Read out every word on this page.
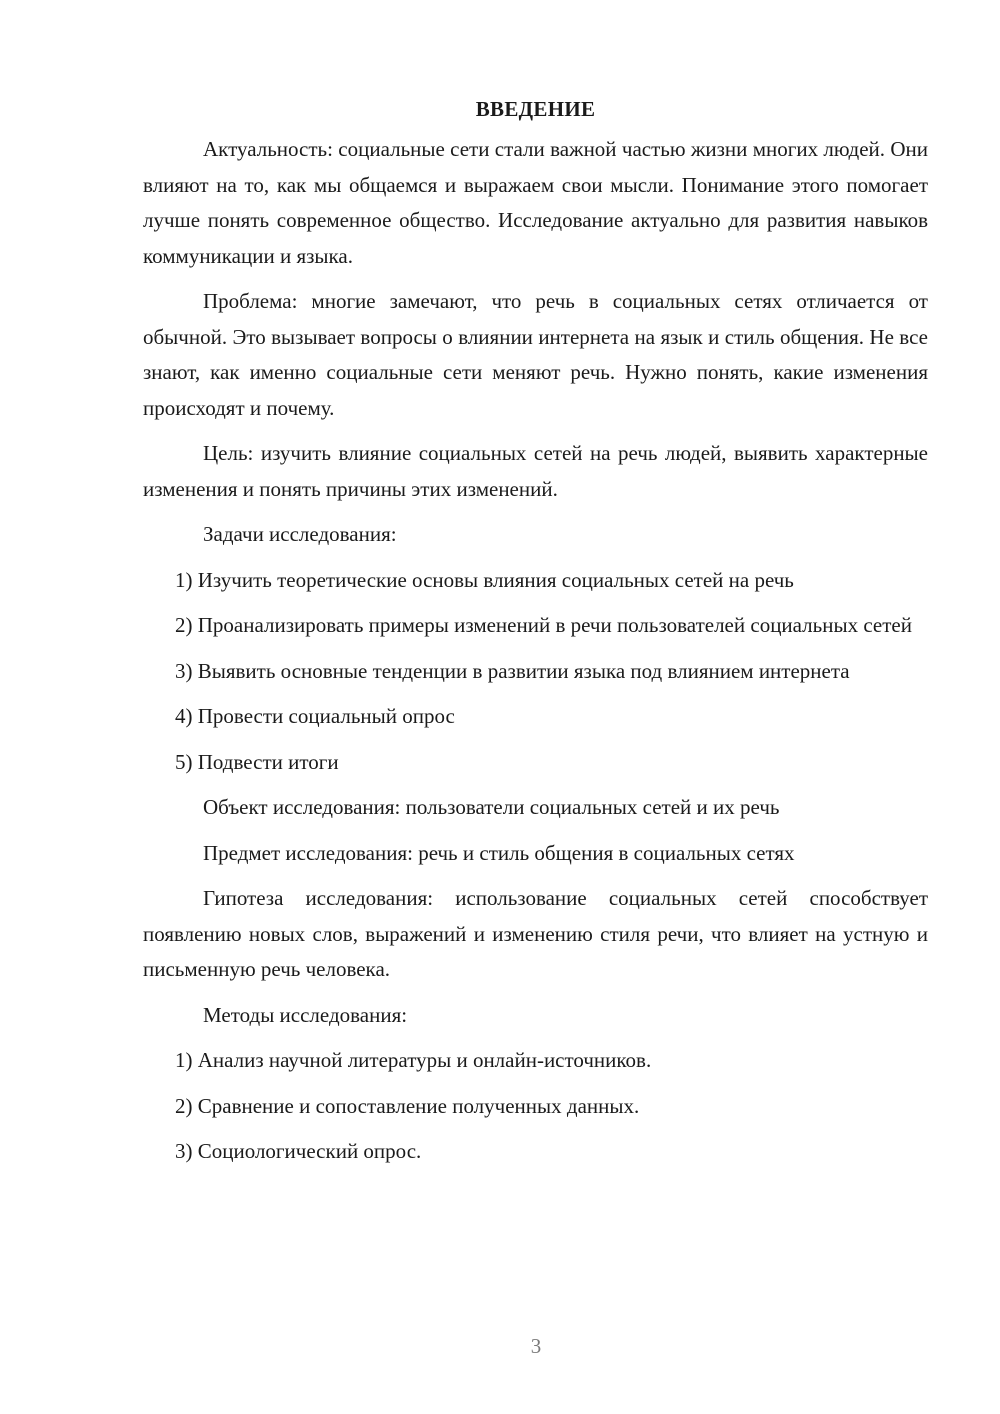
ВВЕДЕНИЕ

Актуальность: социальные сети стали важной частью жизни многих людей. Они влияют на то, как мы общаемся и выражаем свои мысли. Понимание этого помогает лучше понять современное общество. Исследование актуально для развития навыков коммуникации и языка.

Проблема: многие замечают, что речь в социальных сетях отличается от обычной. Это вызывает вопросы о влиянии интернета на язык и стиль общения. Не все знают, как именно социальные сети меняют речь. Нужно понять, какие изменения происходят и почему.

Цель: изучить влияние социальных сетей на речь людей, выявить характерные изменения и понять причины этих изменений.

Задачи исследования:

1) Изучить теоретические основы влияния социальных сетей на речь

2) Проанализировать примеры изменений в речи пользователей социальных сетей

3) Выявить основные тенденции в развитии языка под влиянием интернета

4) Провести социальный опрос

5) Подвести итоги

Объект исследования: пользователи социальных сетей и их речь

Предмет исследования: речь и стиль общения в социальных сетях

Гипотеза исследования: использование социальных сетей способствует появлению новых слов, выражений и изменению стиля речи, что влияет на устную и письменную речь человека.

Методы исследования:

1) Анализ научной литературы и онлайн-источников.

2) Сравнение и сопоставление полученных данных.

3) Социологический опрос.

3
